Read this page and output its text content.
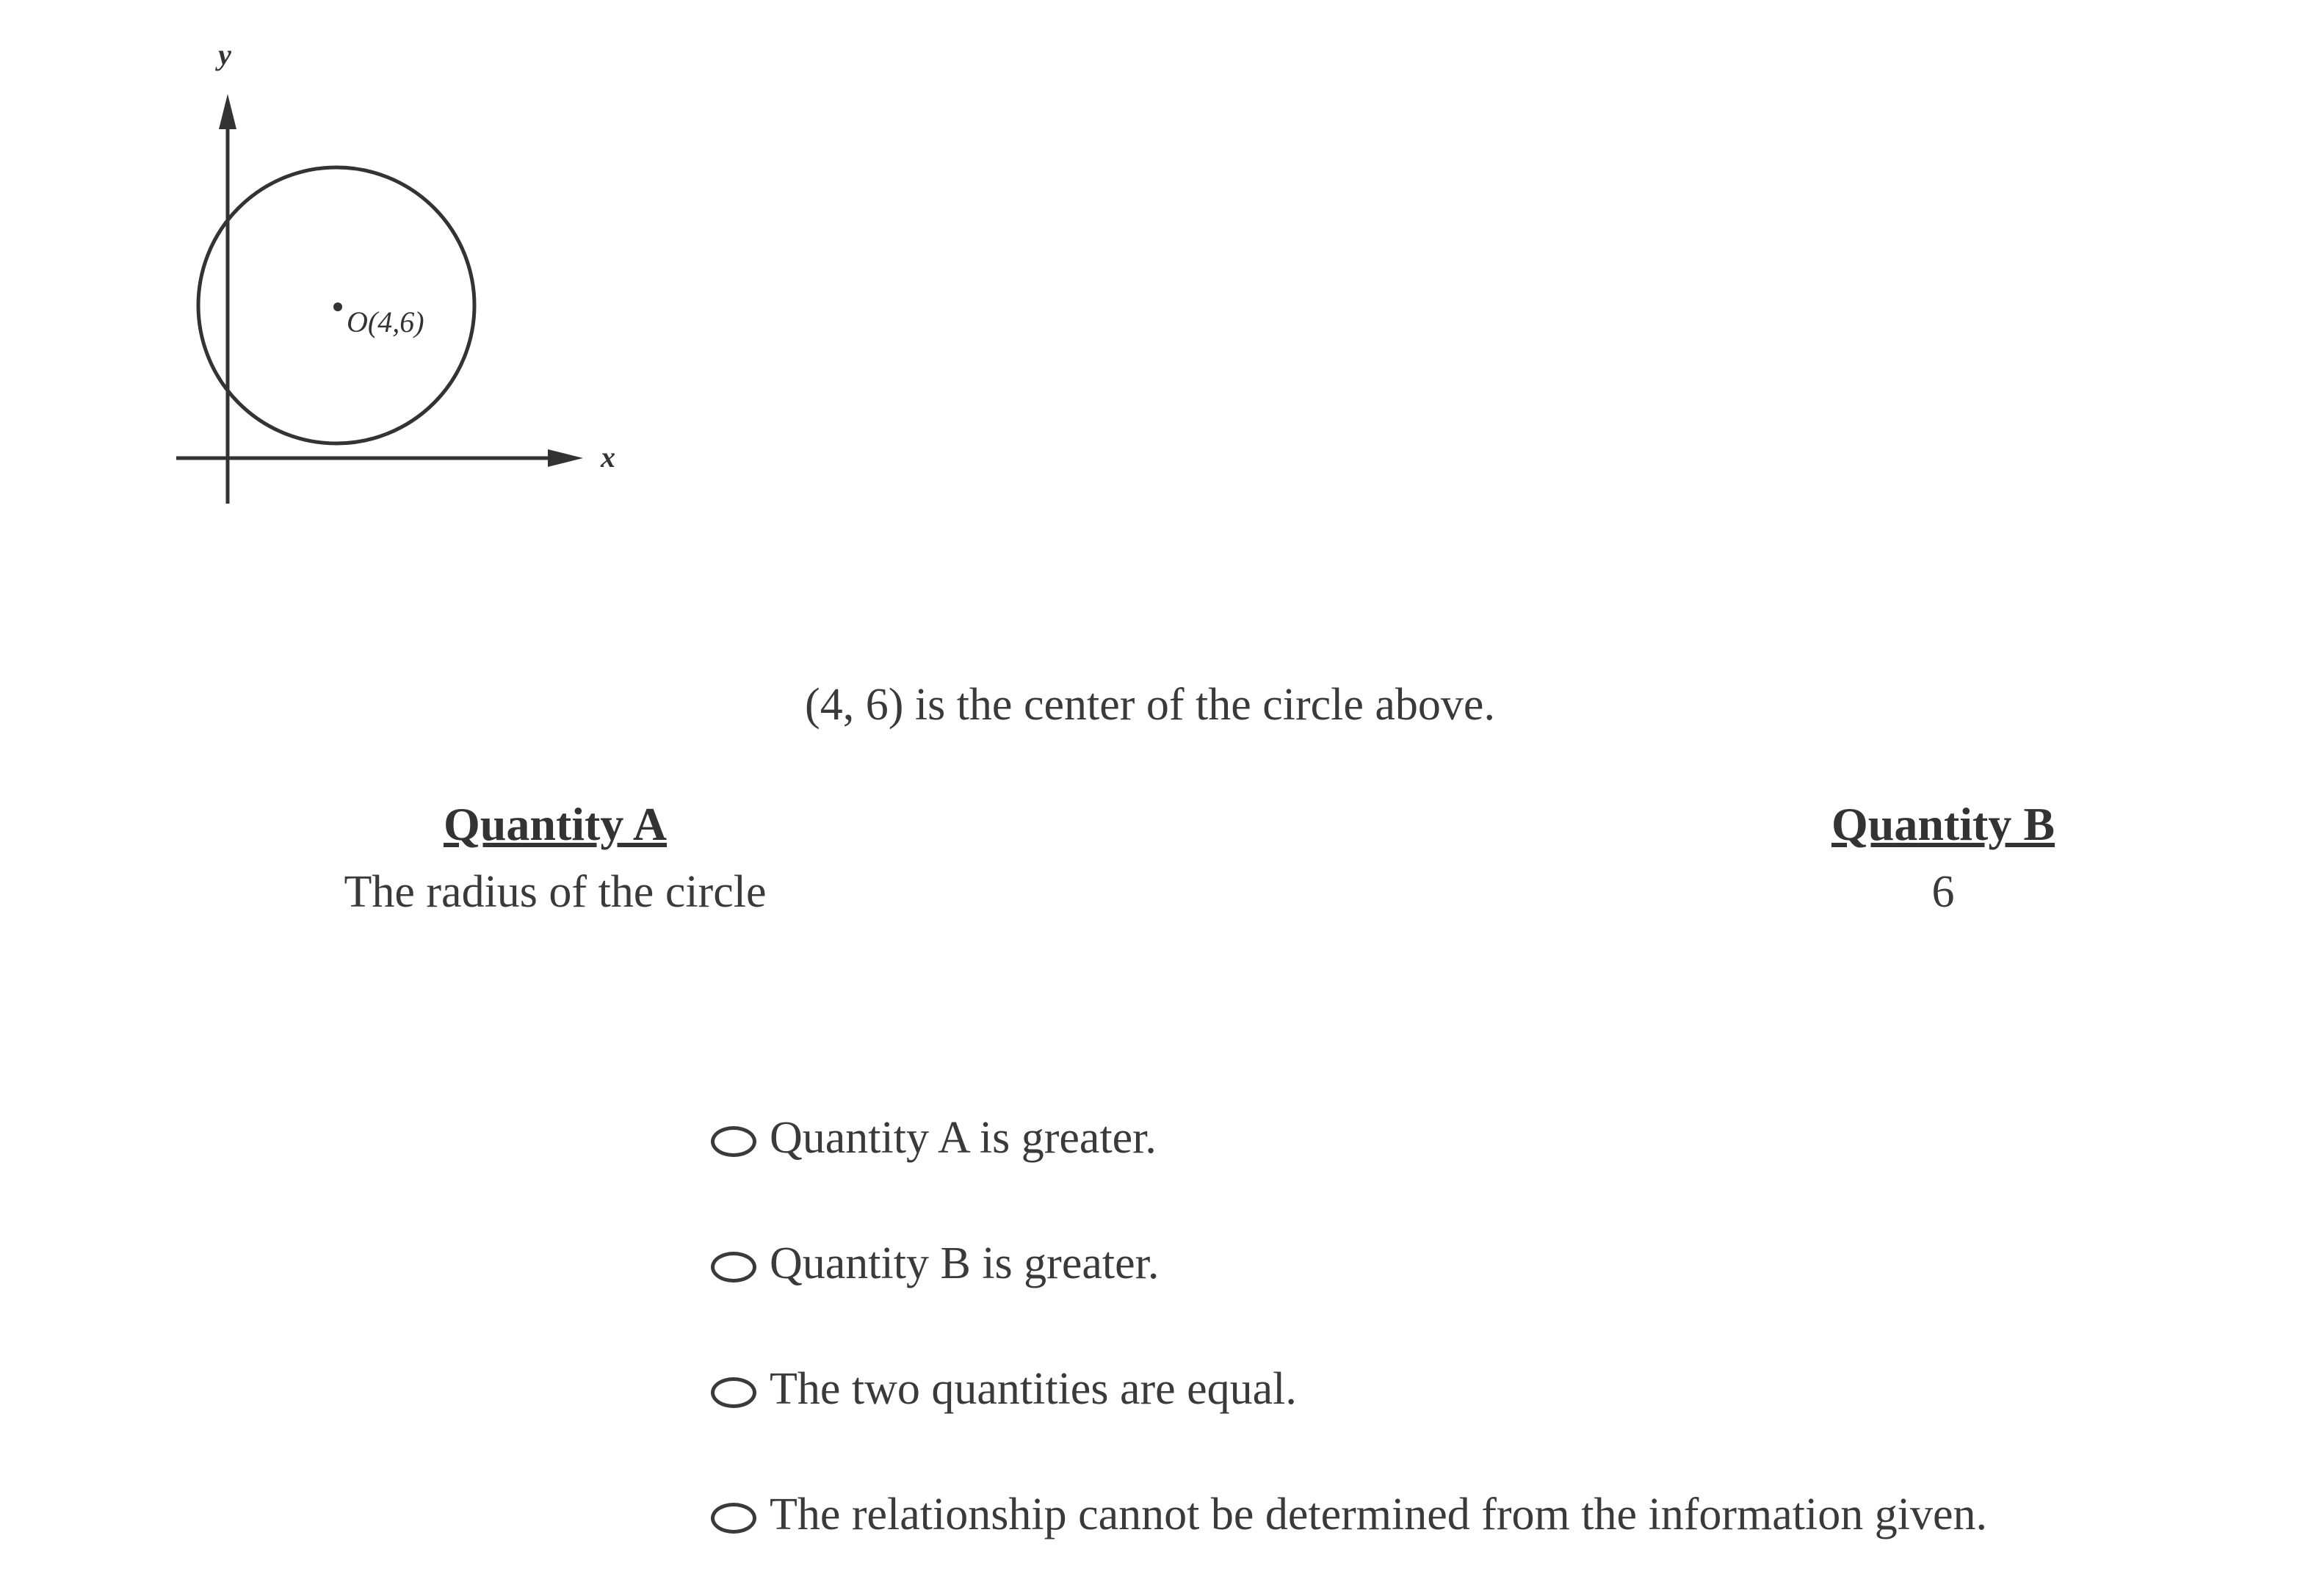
y
x
O(4,6)
(4, 6) is the center of the circle above.
Quantity A
The radius of the circle
Quantity B
6
Quantity A is greater.
Quantity B is greater.
The two quantities are equal.
The relationship cannot be determined from the information given.
